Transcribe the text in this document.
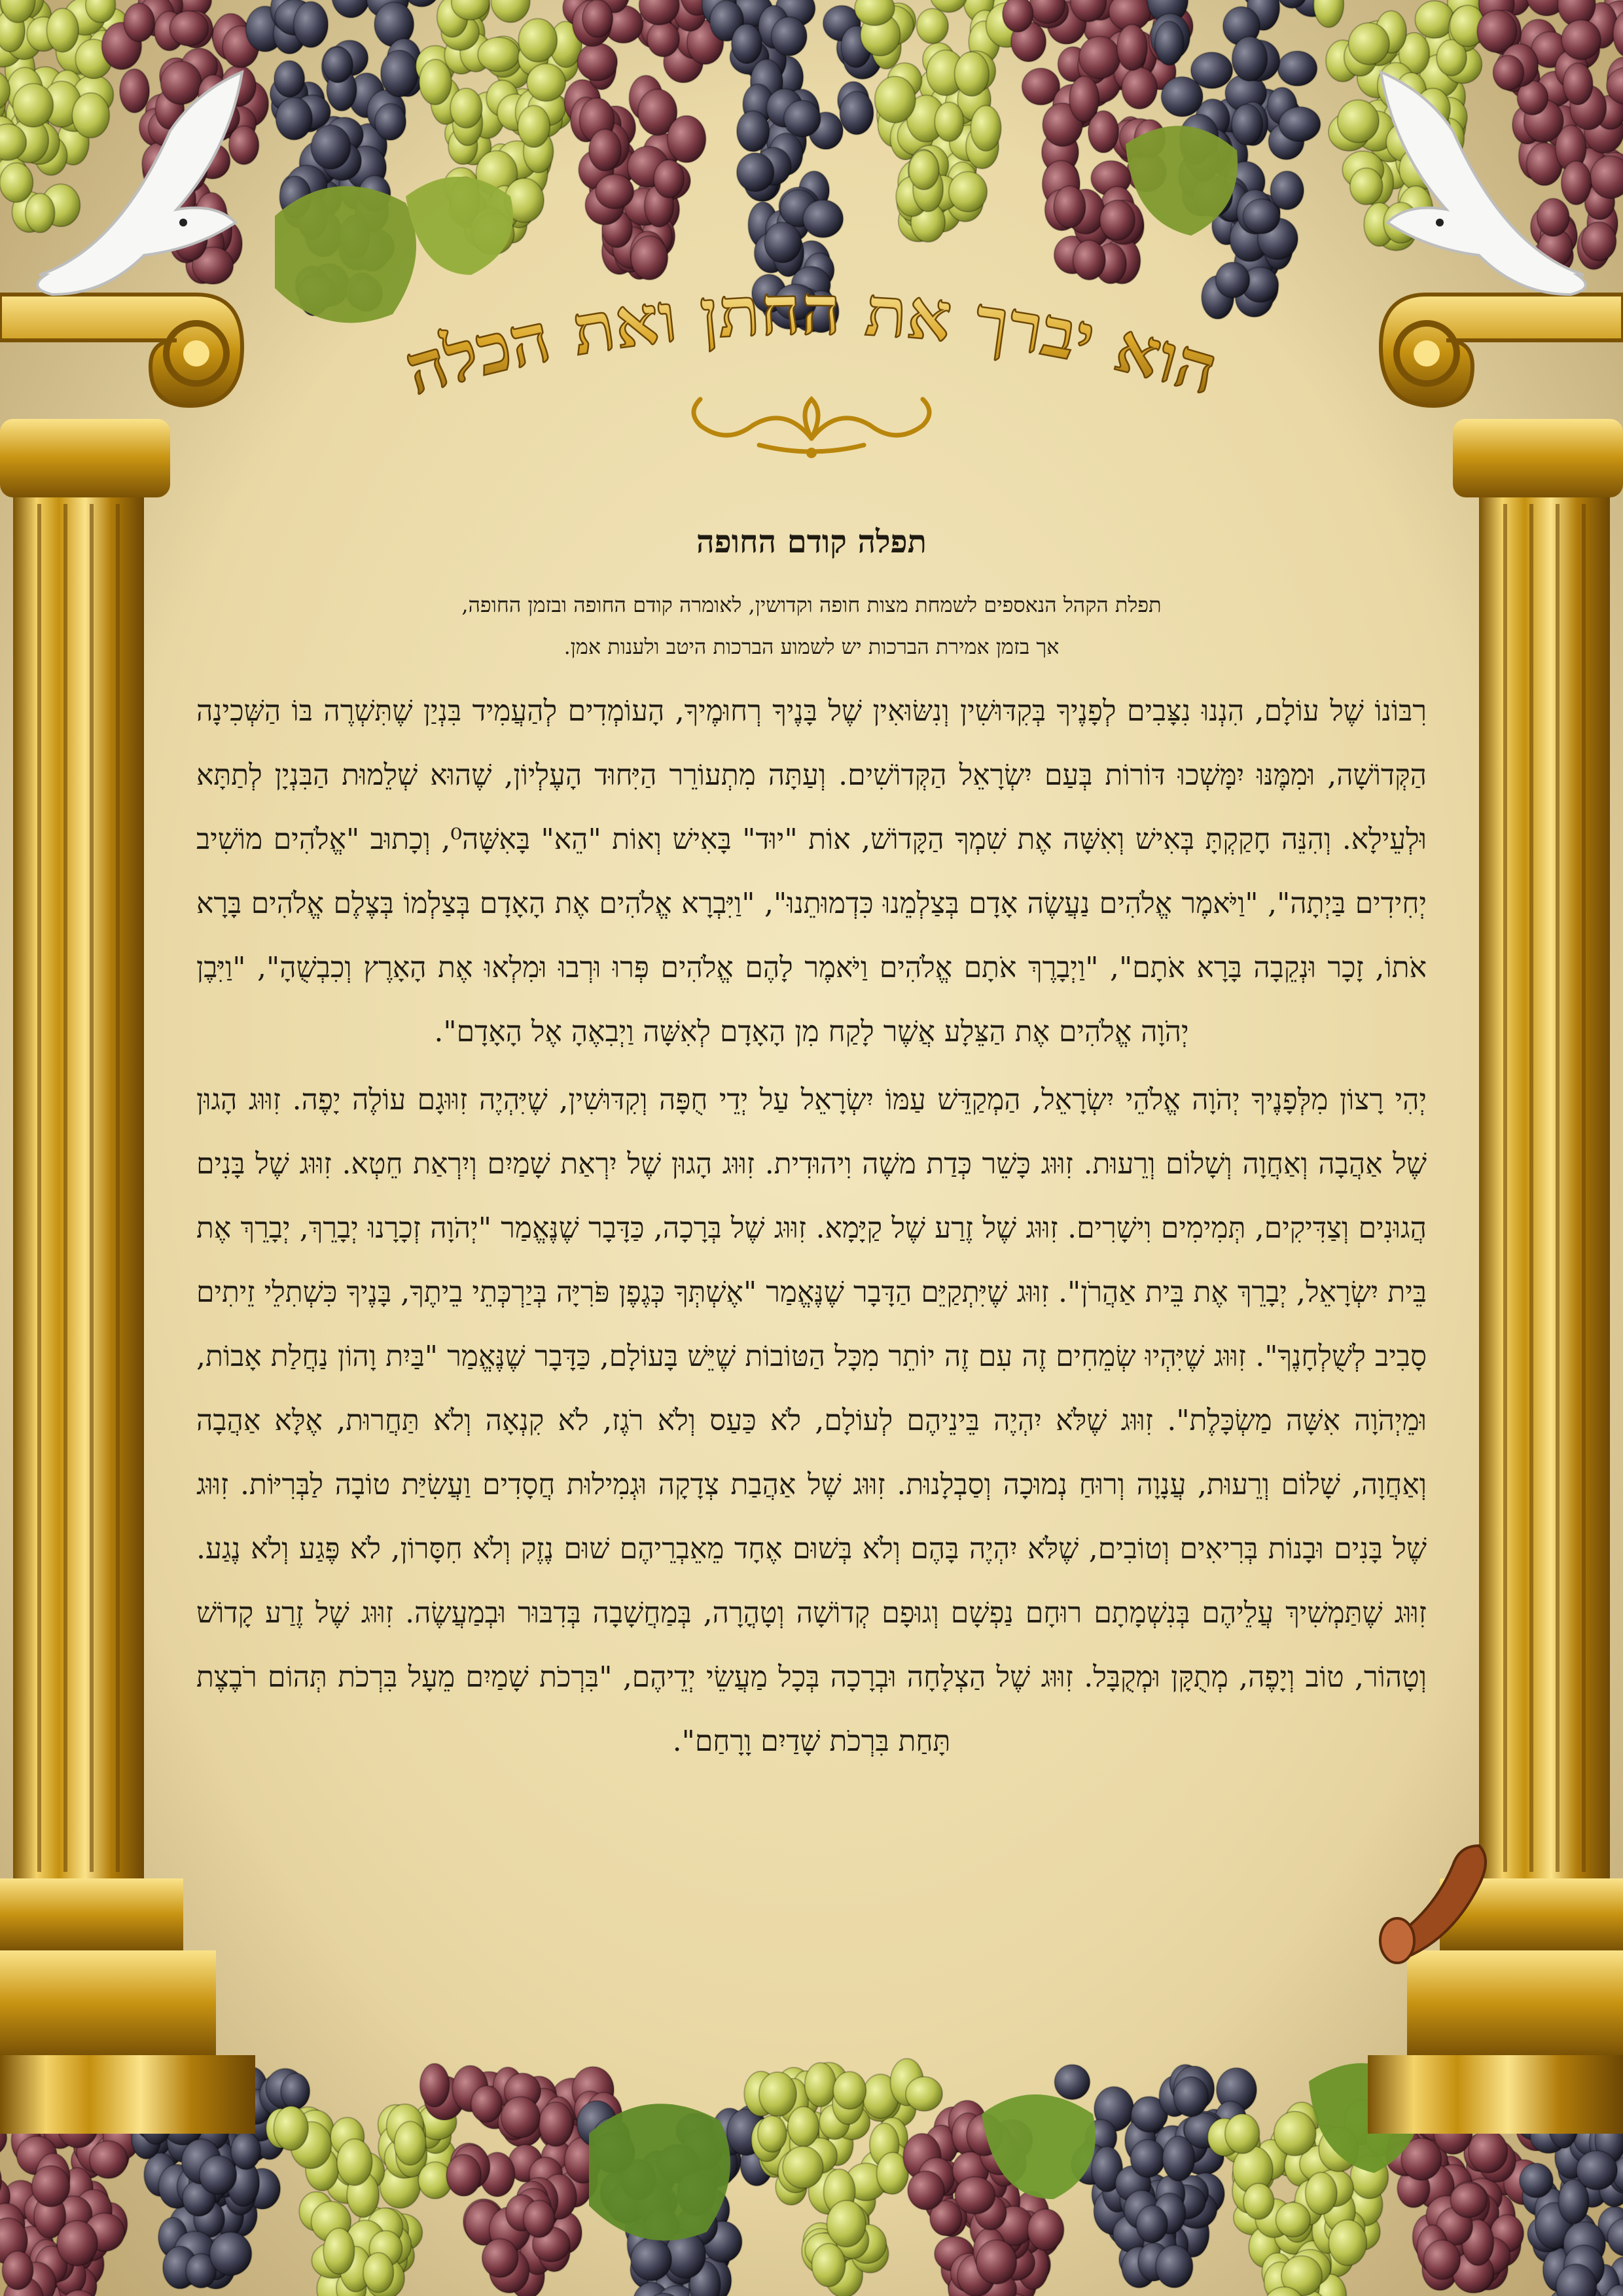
הוא יברך את החתן ואת הכלה
תפלה קודם החופה

תפלת הקהל הנאספים לשמחת מצות חופה וקדושין, לאומרה קודם החופה ובזמן החופה,

אך בזמן אמירת הברכות יש לשמוע הברכות היטב ולענות אמן.

רִבּוֹנוֹ שֶׁל עוֹלָם, הִנְנוּ נִצָּבִים לְפָנֶיךָ בְּקִדּוּשִׁין וְנִשּׂוּאִין שֶׁל בָּנֶיךָ רְחוּמֶיךָ, הָעוֹמְדִים לְהַעֲמִיד בִּנְיַן שֶׁתִּשְׁרֶה בּוֹ הַשְּׁכִינָה הַקְּדוֹשָׁה, וּמִמֶּנּוּ יִמָּשְׁכוּ דּוֹרוֹת בְּעַם יִשְׂרָאֵל הַקְּדוֹשִׁים. וְעַתָּה מִתְעוֹרֵר הַיִּחוּד הָעֶלְיוֹן, שֶׁהוּא שְׁלֵמוּת הַבִּנְיָן לְתַתָּא וּלְעֵילָא. וְהִנֵּה חָקַקְתָּ בְּאִישׁ וְאִשָּׁה אֶת שִׁמְךָ הַקָּדוֹשׁ, אוֹת "יוּד" בָּאִישׁ וְאוֹת "הֵא" בָּאִשָּׁה⁰, וְכָתוּב "אֱלֹהִים מוֹשִׁיב יְחִידִים בַּיְתָה", "וַיֹּאמֶר אֱלֹהִים נַעֲשֶׂה אָדָם בְּצַלְמֵנוּ כִּדְמוּתֵנוּ", "וַיִּבְרָא אֱלֹהִים אֶת הָאָדָם בְּצַלְמוֹ בְּצֶלֶם אֱלֹהִים בָּרָא אֹתוֹ, זָכָר וּנְקֵבָה בָּרָא אֹתָם", "וַיְבָרֶךְ אֹתָם אֱלֹהִים וַיֹּאמֶר לָהֶם אֱלֹהִים פְּרוּ וּרְבוּ וּמִלְאוּ אֶת הָאָרֶץ וְכִבְשֻׁהָ", "וַיִּבֶן יְהֹוָה אֱלֹהִים אֶת הַצֵּלָע אֲשֶׁר לָקַח מִן הָאָדָם לְאִשָּׁה וַיְבִאֶהָ אֶל הָאָדָם".

יְהִי רָצוֹן מִלְּפָנֶיךָ יְהֹוָה אֱלֹהֵי יִשְׂרָאֵל, הַמְקַדֵּשׁ עַמּוֹ יִשְׂרָאֵל עַל יְדֵי חֻפָּה וְקִדּוּשִׁין, שֶׁיִּהְיֶה זִוּוּגָם עוֹלֶה יָפֶה. זִוּוּג הָגוּן שֶׁל אַהֲבָה וְאַחֲוָה וְשָׁלוֹם וְרֵעוּת. זִוּוּג כָּשֵׁר כְּדַת משֶׁה וִיהוּדִית. זִוּוּג הָגוּן שֶׁל יִרְאַת שָׁמַיִם וְיִרְאַת חֵטְא. זִוּוּג שֶׁל בָּנִים הֲגוּנִים וְצַדִּיקִים, תְּמִימִים וִישָׁרִים. זִוּוּג שֶׁל זֶרַע שֶׁל קַיָּמָא. זִוּוּג שֶׁל בְּרָכָה, כַּדָּבָר שֶׁנֶּאֱמַר "יְהֹוָה זְכָרָנוּ יְבָרֵךְ, יְבָרֵךְ אֶת בֵּית יִשְׂרָאֵל, יְבָרֵךְ אֶת בֵּית אַהֲרֹן". זִוּוּג שֶׁיִּתְקַיֵּם הַדָּבָר שֶׁנֶּאֱמַר "אֶשְׁתְּךָ כְּגֶפֶן פֹּרִיָּה בְּיַרְכְּתֵי בֵיתֶךָ, בָּנֶיךָ כִּשְׁתִלֵי זֵיתִים סָבִיב לְשֻׁלְחָנֶךָ". זִוּוּג שֶׁיִּהְיוּ שְׂמֵחִים זֶה עִם זֶה יוֹתֵר מִכָּל הַטּוֹבוֹת שֶׁיֵּשׁ בָּעוֹלָם, כַּדָּבָר שֶׁנֶּאֱמַר "בַּיִת וָהוֹן נַחֲלַת אָבוֹת, וּמֵיְהֹוָה אִשָּׁה מַשְׂכָּלֶת". זִוּוּג שֶׁלֹּא יִהְיֶה בֵּינֵיהֶם לְעוֹלָם, לֹא כַּעַס וְלֹא רֹגֶז, לֹא קִנְאָה וְלֹא תַּחֲרוּת, אֶלָּא אַהֲבָה וְאַחֲוָה, שָׁלוֹם וְרֵעוּת, עֲנָוָה וְרוּחַ נְמוּכָה וְסַבְלָנוּת. זִוּוּג שֶׁל אַהֲבַת צְדָקָה וּגְמִילוּת חֲסָדִים וַעֲשִׂיַּת טוֹבָה לַבְּרִיּוֹת. זִוּוּג שֶׁל בָּנִים וּבָנוֹת בְּרִיאִים וְטוֹבִים, שֶׁלֹּא יִהְיֶה בָּהֶם וְלֹא בְּשׁוּם אֶחָד מֵאֵבְרֵיהֶם שׁוּם נֶזֶק וְלֹא חִסָּרוֹן, לֹא פֶּגַע וְלֹא נֶגַע. זִוּוּג שֶׁתַּמְשִׁיךְ עֲלֵיהֶם בְּנִשְׁמָתָם רוּחָם נַפְשָׁם וְגוּפָם קְדוֹשָׁה וְטָהֳרָה, בְּמַחֲשָׁבָה בְּדִבּוּר וּבְמַעֲשֶׂה. זִוּוּג שֶׁל זֶרַע קָדוֹשׁ וְטָהוֹר, טוֹב וְיָפֶה, מְתֻקָּן וּמְקֻבָּל. זִוּוּג שֶׁל הַצְלָחָה וּבְרָכָה בְּכָל מַעֲשֵׂי יְדֵיהֶם, "בִּרְכֹת שָׁמַיִם מֵעָל בִּרְכֹת תְּהוֹם רֹבֶצֶת תָּחַת בִּרְכֹת שָׁדַיִם וָרָחַם".
